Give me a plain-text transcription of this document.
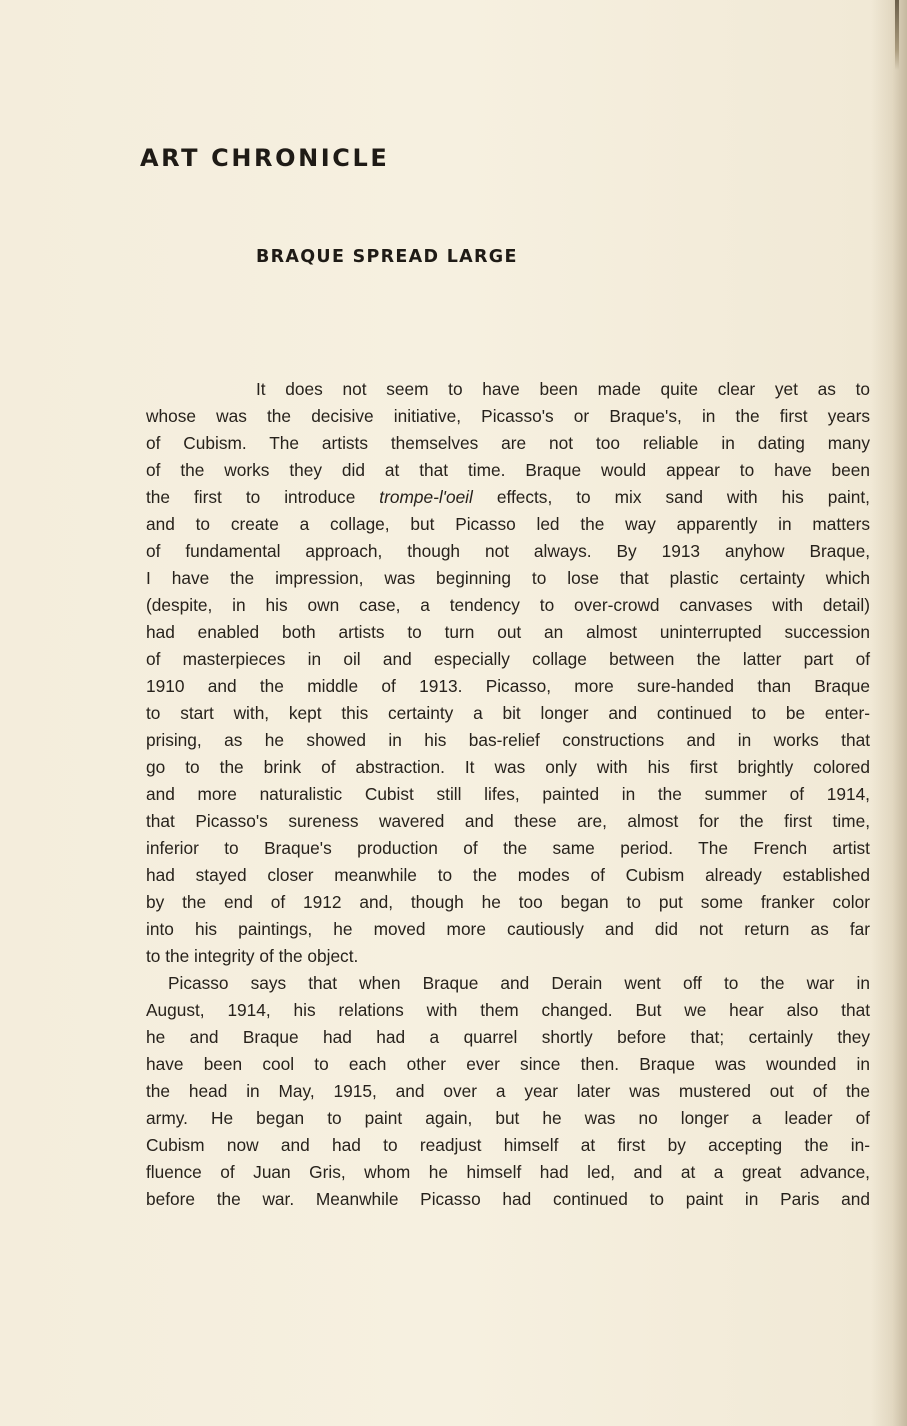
ART CHRONICLE
BRAQUE SPREAD LARGE

It does not seem to have been made quite clear yet as to
whose was the decisive initiative, Picasso's or Braque's, in the first years
of Cubism. The artists themselves are not too reliable in dating many
of the works they did at that time. Braque would appear to have been
the first to introduce trompe-l'oeil effects, to mix sand with his paint,
and to create a collage, but Picasso led the way apparently in matters
of fundamental approach, though not always. By 1913 anyhow Braque,
I have the impression, was beginning to lose that plastic certainty which
(despite, in his own case, a tendency to over-crowd canvases with detail)
had enabled both artists to turn out an almost uninterrupted succession
of masterpieces in oil and especially collage between the latter part of
1910 and the middle of 1913. Picasso, more sure-handed than Braque
to start with, kept this certainty a bit longer and continued to be enter-
prising, as he showed in his bas-relief constructions and in works that
go to the brink of abstraction. It was only with his first brightly colored
and more naturalistic Cubist still lifes, painted in the summer of 1914,
that Picasso's sureness wavered and these are, almost for the first time,
inferior to Braque's production of the same period. The French artist
had stayed closer meanwhile to the modes of Cubism already established
by the end of 1912 and, though he too began to put some franker color
into his paintings, he moved more cautiously and did not return as far
to the integrity of the object.

Picasso says that when Braque and Derain went off to the war in
August, 1914, his relations with them changed. But we hear also that
he and Braque had had a quarrel shortly before that; certainly they
have been cool to each other ever since then. Braque was wounded in
the head in May, 1915, and over a year later was mustered out of the
army. He began to paint again, but he was no longer a leader of
Cubism now and had to readjust himself at first by accepting the in-
fluence of Juan Gris, whom he himself had led, and at a great advance,
before the war. Meanwhile Picasso had continued to paint in Paris and
